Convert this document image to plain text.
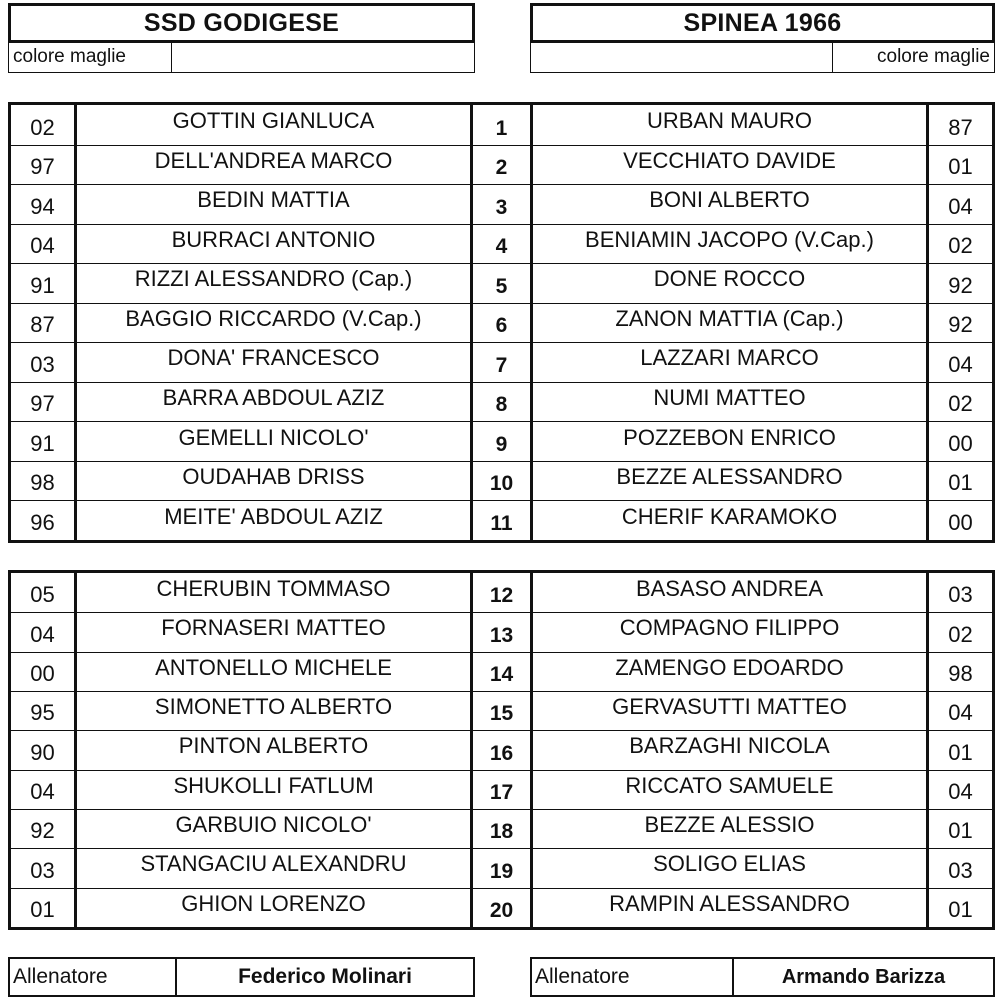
SSD GODIGESE	SPINEA 1966
colore maglie	colore maglie
02	GOTTIN GIANLUCA	1	URBAN MAURO	87
97	DELL'ANDREA MARCO	2	VECCHIATO DAVIDE	01
94	BEDIN MATTIA	3	BONI ALBERTO	04
04	BURRACI ANTONIO	4	BENIAMIN JACOPO (V.Cap.)	02
91	RIZZI ALESSANDRO (Cap.)	5	DONE ROCCO	92
87	BAGGIO RICCARDO (V.Cap.)	6	ZANON MATTIA (Cap.)	92
03	DONA' FRANCESCO	7	LAZZARI MARCO	04
97	BARRA ABDOUL AZIZ	8	NUMI MATTEO	02
91	GEMELLI NICOLO'	9	POZZEBON ENRICO	00
98	OUDAHAB DRISS	10	BEZZE ALESSANDRO	01
96	MEITE' ABDOUL AZIZ	11	CHERIF KARAMOKO	00
05	CHERUBIN TOMMASO	12	BASASO ANDREA	03
04	FORNASERI MATTEO	13	COMPAGNO FILIPPO	02
00	ANTONELLO MICHELE	14	ZAMENGO EDOARDO	98
95	SIMONETTO ALBERTO	15	GERVASUTTI MATTEO	04
90	PINTON ALBERTO	16	BARZAGHI NICOLA	01
04	SHUKOLLI FATLUM	17	RICCATO SAMUELE	04
92	GARBUIO NICOLO'	18	BEZZE ALESSIO	01
03	STANGACIU ALEXANDRU	19	SOLIGO ELIAS	03
01	GHION LORENZO	20	RAMPIN ALESSANDRO	01
Allenatore	Federico Molinari	Allenatore	Armando Barizza
